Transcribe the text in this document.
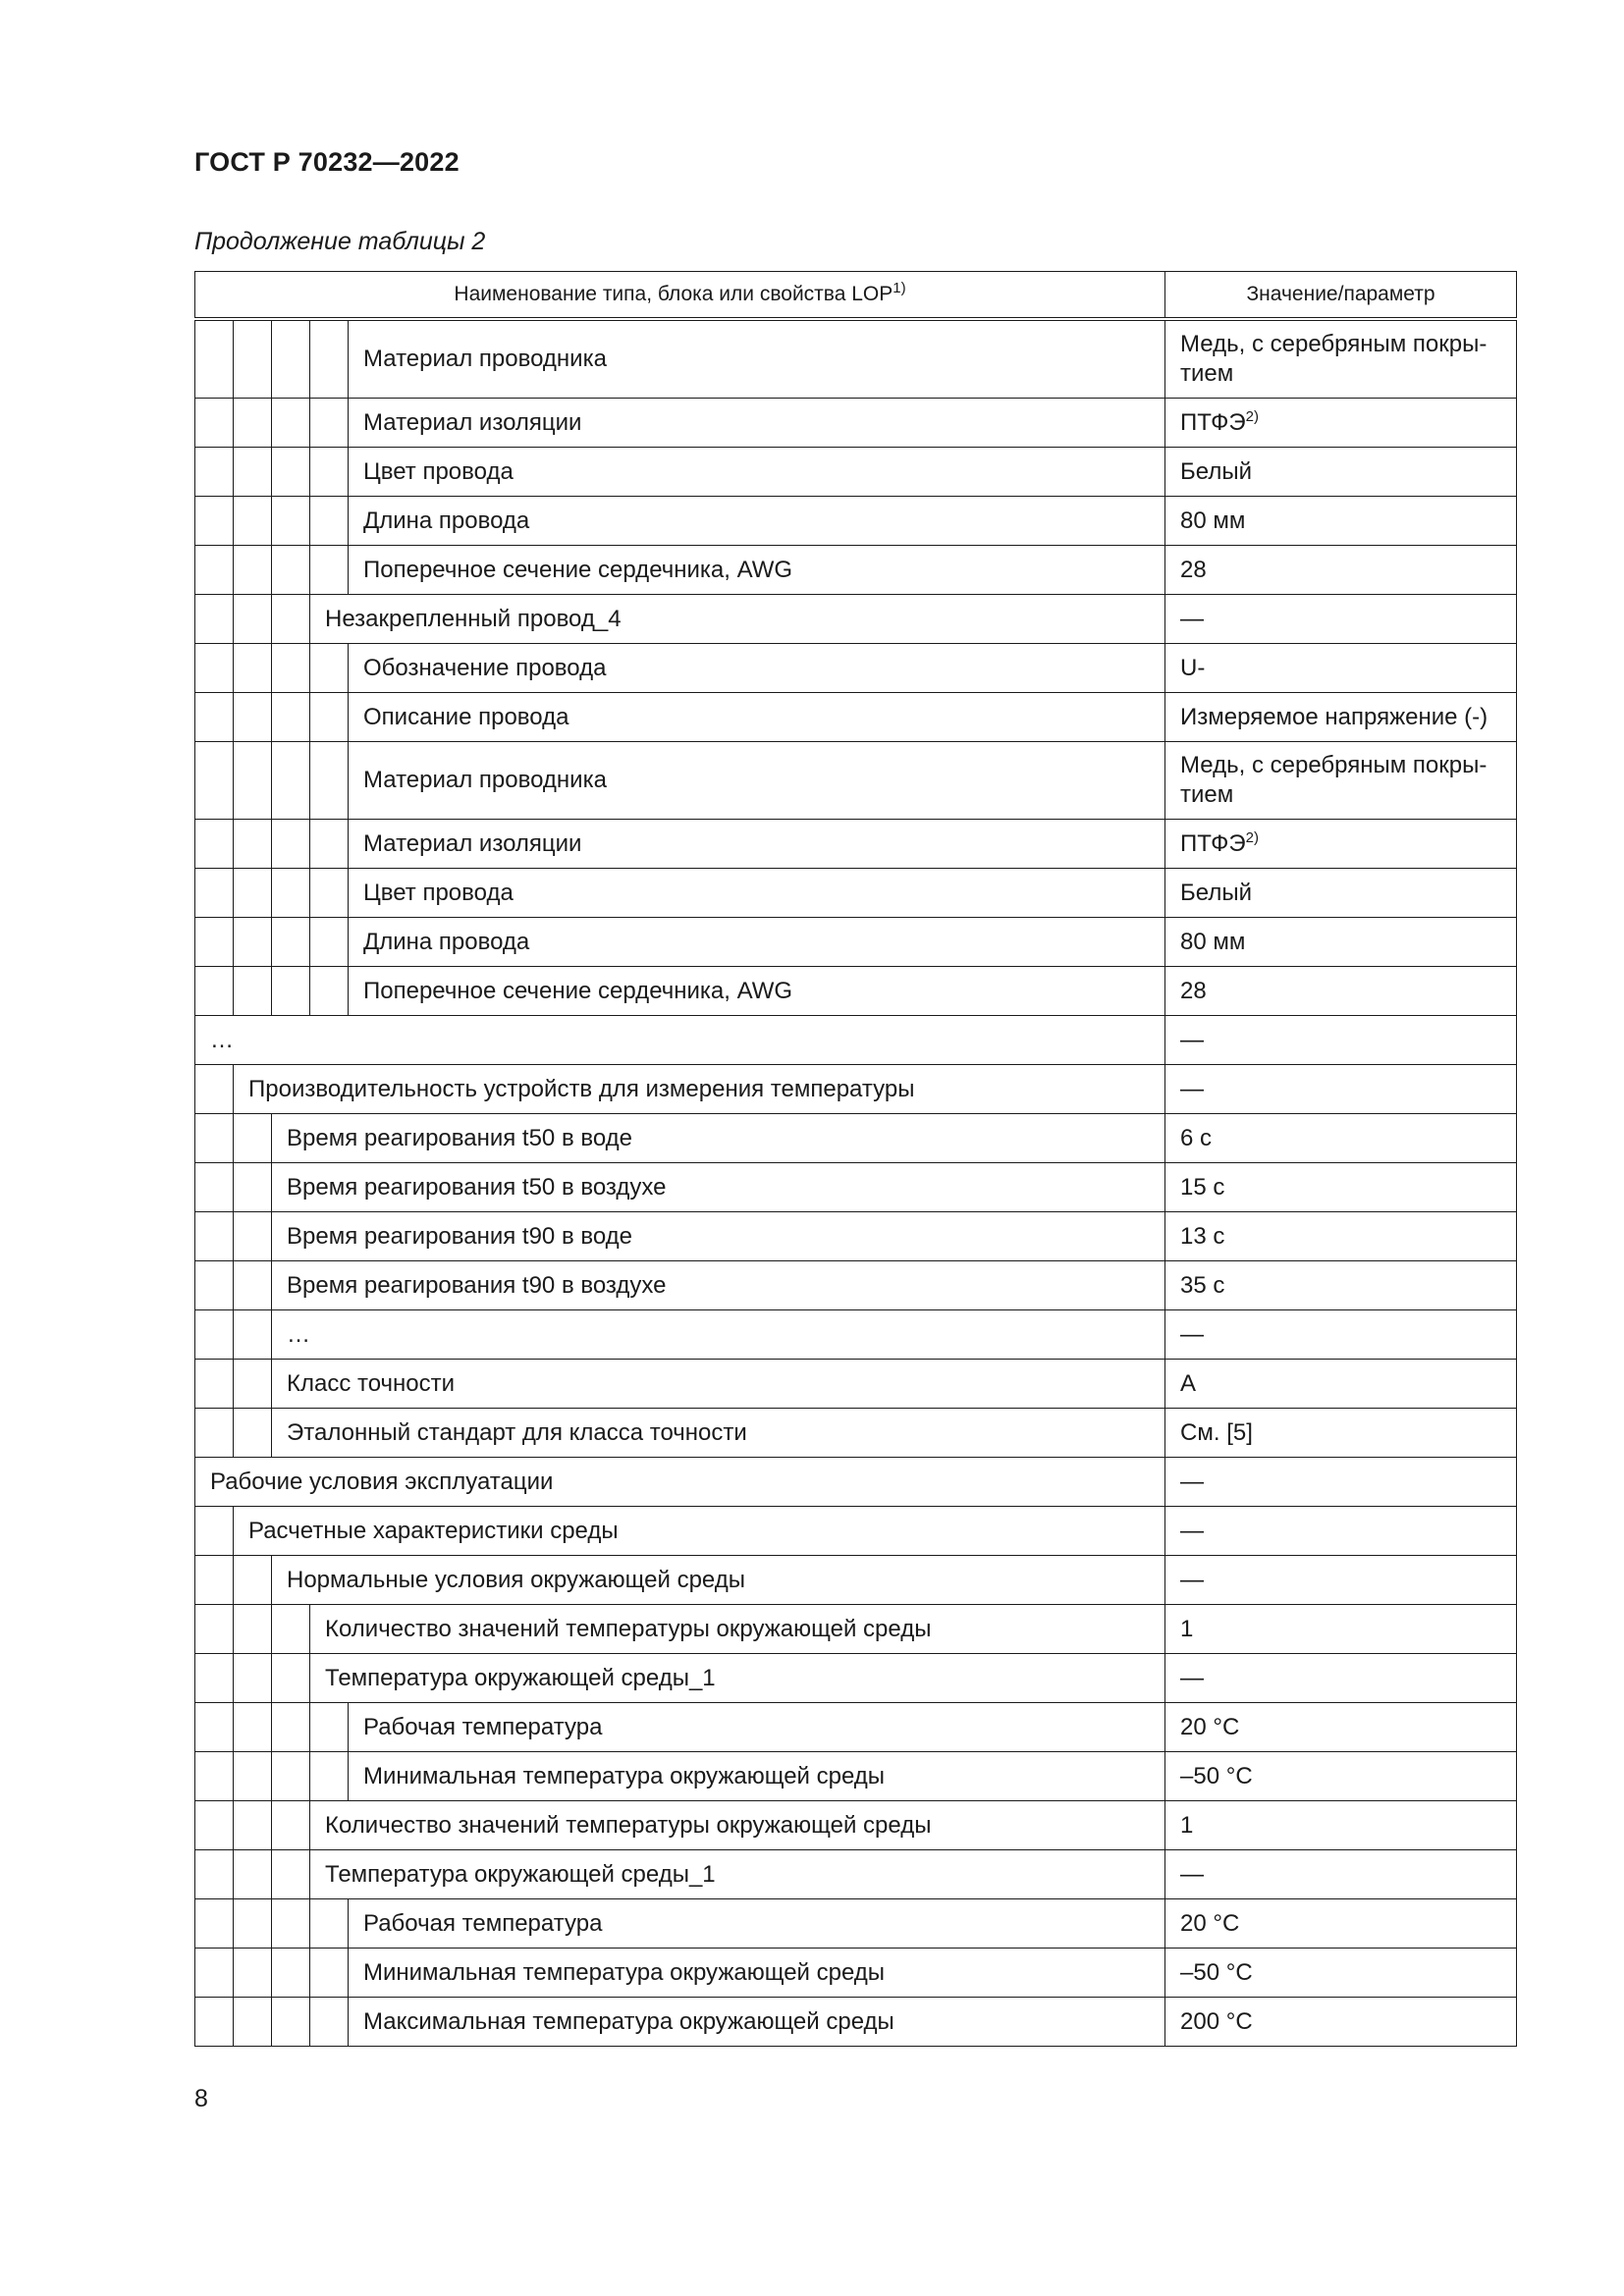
ГОСТ Р 70232—2022
Продолжение таблицы 2
Наименование типа, блока или свойства LOP$^{1)}$					Значение/параметр
				Материал проводника	Медь, с серебряным покры-тием
				Материал изоляции	ПТФЭ$^{2)}$
				Цвет провода	Белый
				Длина провода	80 мм
				Поперечное сечение сердечника, AWG	28
			Незакрепленный провод_4		—
				Обозначение провода	U-
				Описание провода	Измеряемое напряжение (-)
				Материал проводника	Медь, с серебряным покры-тием
				Материал изоляции	ПТФЭ$^{2)}$
				Цвет провода	Белый
				Длина провода	80 мм
				Поперечное сечение сердечника, AWG	28
…					—
	Производительность устройств для измерения температуры				—
		Время реагирования t50 в воде			6 с
		Время реагирования t50 в воздухе			15 с
		Время реагирования t90 в воде			13 с
		Время реагирования t90 в воздухе			35 с
		…			—
		Класс точности			A
		Эталонный стандарт для класса точности			См. [5]
Рабочие условия эксплуатации					—
	Расчетные характеристики среды				—
		Нормальные условия окружающей среды			—
			Количество значений температуры окружающей среды		1
			Температура окружающей среды_1		—
				Рабочая температура	20 °C
				Минимальная температура окружающей среды	–50 °C
			Количество значений температуры окружающей среды		1
			Температура окружающей среды_1		—
				Рабочая температура	20 °C
				Минимальная температура окружающей среды	–50 °C
				Максимальная температура окружающей среды	200 °C
8
